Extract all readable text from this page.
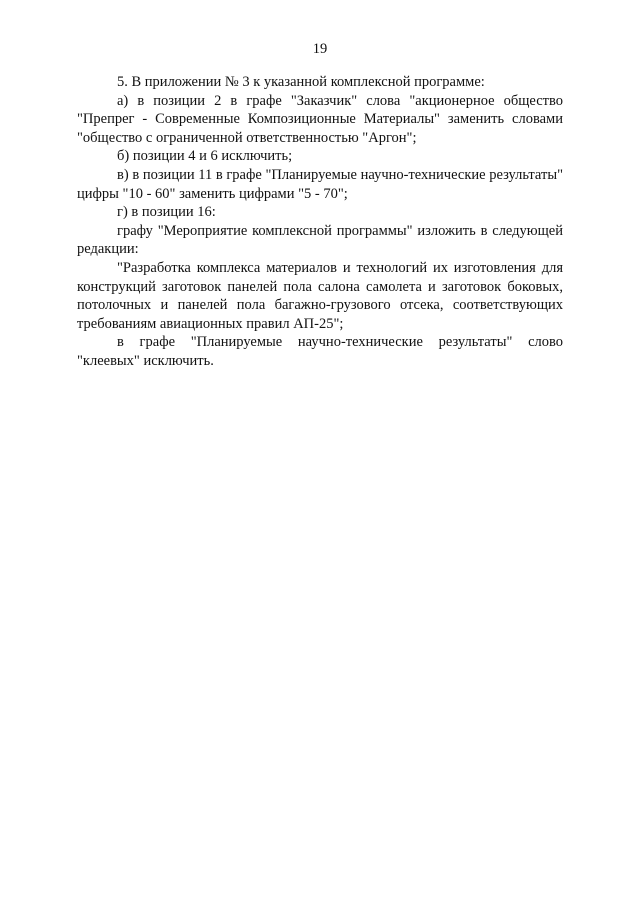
19

5. В приложении № 3 к указанной комплексной программе:

а) в позиции 2 в графе "Заказчик" слова "акционерное общество "Препрег - Современные Композиционные Материалы" заменить словами "общество с ограниченной ответственностью "Аргон";

б) позиции 4 и 6 исключить;

в) в позиции 11 в графе "Планируемые научно-технические результаты" цифры "10 - 60" заменить цифрами "5 - 70";

г) в позиции 16:

графу "Мероприятие комплексной программы" изложить в следующей редакции:

"Разработка комплекса материалов и технологий их изготовления для конструкций заготовок панелей пола салона самолета и заготовок боковых, потолочных и панелей пола багажно-грузового отсека, соответствующих требованиям авиационных правил АП-25";

в графе "Планируемые научно-технические результаты" слово "клеевых" исключить.
